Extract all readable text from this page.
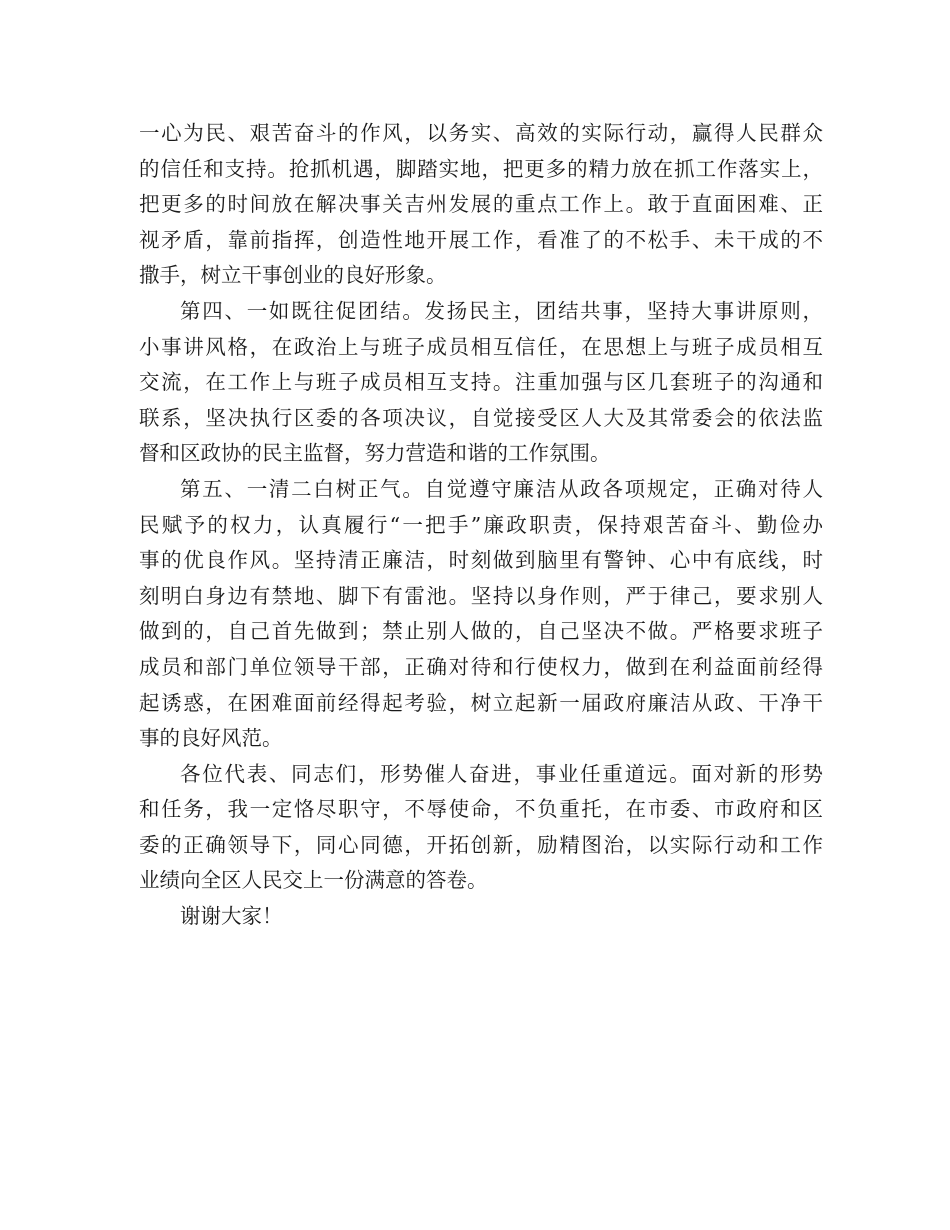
一心为民、艰苦奋斗的作风，以务实、高效的实际行动，赢得人民群众
的信任和支持。抢抓机遇，脚踏实地，把更多的精力放在抓工作落实上，
把更多的时间放在解决事关吉州发展的重点工作上。敢于直面困难、正
视矛盾，靠前指挥，创造性地开展工作，看准了的不松手、未干成的不
撒手，树立干事创业的良好形象。
第四、一如既往促团结。发扬民主，团结共事，坚持大事讲原则，
小事讲风格，在政治上与班子成员相互信任，在思想上与班子成员相互
交流，在工作上与班子成员相互支持。注重加强与区几套班子的沟通和
联系，坚决执行区委的各项决议，自觉接受区人大及其常委会的依法监
督和区政协的民主监督，努力营造和谐的工作氛围。
第五、一清二白树正气。自觉遵守廉洁从政各项规定，正确对待人
民赋予的权力，认真履行“一把手”廉政职责，保持艰苦奋斗、勤俭办
事的优良作风。坚持清正廉洁，时刻做到脑里有警钟、心中有底线，时
刻明白身边有禁地、脚下有雷池。坚持以身作则，严于律己，要求别人
做到的，自己首先做到；禁止别人做的，自己坚决不做。严格要求班子
成员和部门单位领导干部，正确对待和行使权力，做到在利益面前经得
起诱惑，在困难面前经得起考验，树立起新一届政府廉洁从政、干净干
事的良好风范。
各位代表、同志们，形势催人奋进，事业任重道远。面对新的形势
和任务，我一定恪尽职守，不辱使命，不负重托，在市委、市政府和区
委的正确领导下，同心同德，开拓创新，励精图治，以实际行动和工作
业绩向全区人民交上一份满意的答卷。
谢谢大家！
